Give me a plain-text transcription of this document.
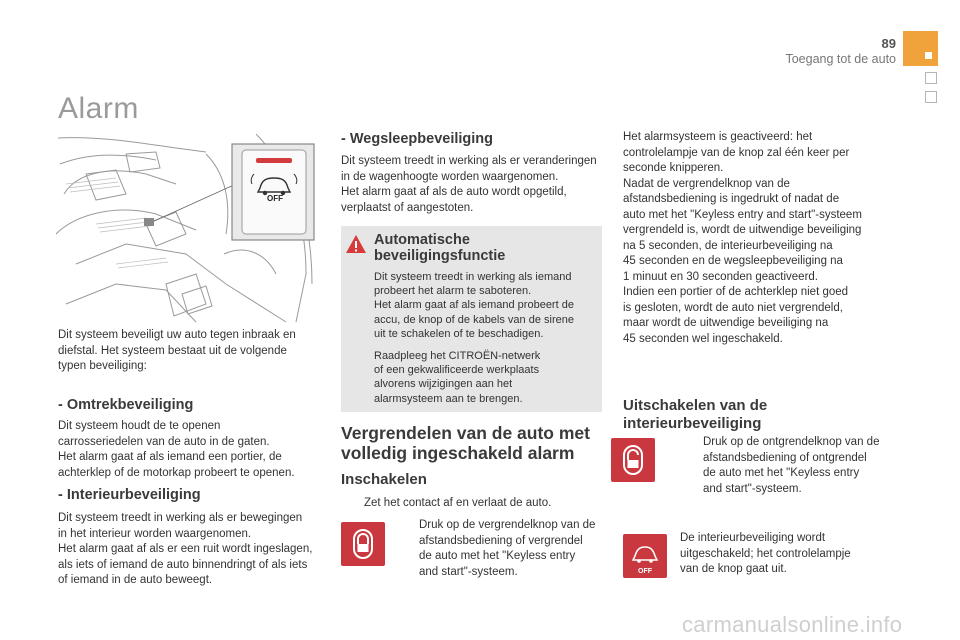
89
Toegang tot de auto
Alarm
OFF
Dit systeem beveiligt uw auto tegen inbraak en
diefstal. Het systeem bestaat uit de volgende
typen beveiliging:
- Omtrekbeveiliging
Dit systeem houdt de te openen
carrosseriedelen van de auto in de gaten.
Het alarm gaat af als iemand een portier, de
achterklep of de motorkap probeert te openen.
- Interieurbeveiliging
Dit systeem treedt in werking als er bewegingen
in het interieur worden waargenomen.
Het alarm gaat af als er een ruit wordt ingeslagen,
als iets of iemand de auto binnendringt of als iets
of iemand in de auto beweegt.
- Wegsleepbeveiliging
Dit systeem treedt in werking als er veranderingen
in de wagenhoogte worden waargenomen.
Het alarm gaat af als de auto wordt opgetild,
verplaatst of aangestoten.
Automatische
beveiligingsfunctie
Dit systeem treedt in werking als iemand
probeert het alarm te saboteren.
Het alarm gaat af als iemand probeert de
accu, de knop of de kabels van de sirene
uit te schakelen of te beschadigen.
Raadpleeg het CITROËN-netwerk
of een gekwalificeerde werkplaats
alvorens wijzigingen aan het
alarmsysteem aan te brengen.
Vergrendelen van de auto met
volledig ingeschakeld alarm
Inschakelen
Zet het contact af en verlaat de auto.
Druk op de vergrendelknop van de
afstandsbediening of vergrendel
de auto met het "Keyless entry
and start"-systeem.
Het alarmsysteem is geactiveerd: het
controlelampje van de knop zal één keer per
seconde knipperen.
Nadat de vergrendelknop van de
afstandsbediening is ingedrukt of nadat de
auto met het "Keyless entry and start"-systeem
vergrendeld is, wordt de uitwendige beveiliging
na 5 seconden, de interieurbeveiliging na
45 seconden en de wegsleepbeveiliging na
1 minuut en 30 seconden geactiveerd.
Indien een portier of de achterklep niet goed
is gesloten, wordt de auto niet vergrendeld,
maar wordt de uitwendige beveiliging na
45 seconden wel ingeschakeld.
Uitschakelen van de
interieurbeveiliging
Druk op de ontgrendelknop van de
afstandsbediening of ontgrendel
de auto met het "Keyless entry
and start"-systeem.
OFF
De interieurbeveiliging wordt
uitgeschakeld; het controlelampje
van de knop gaat uit.
carmanualsonline.info
